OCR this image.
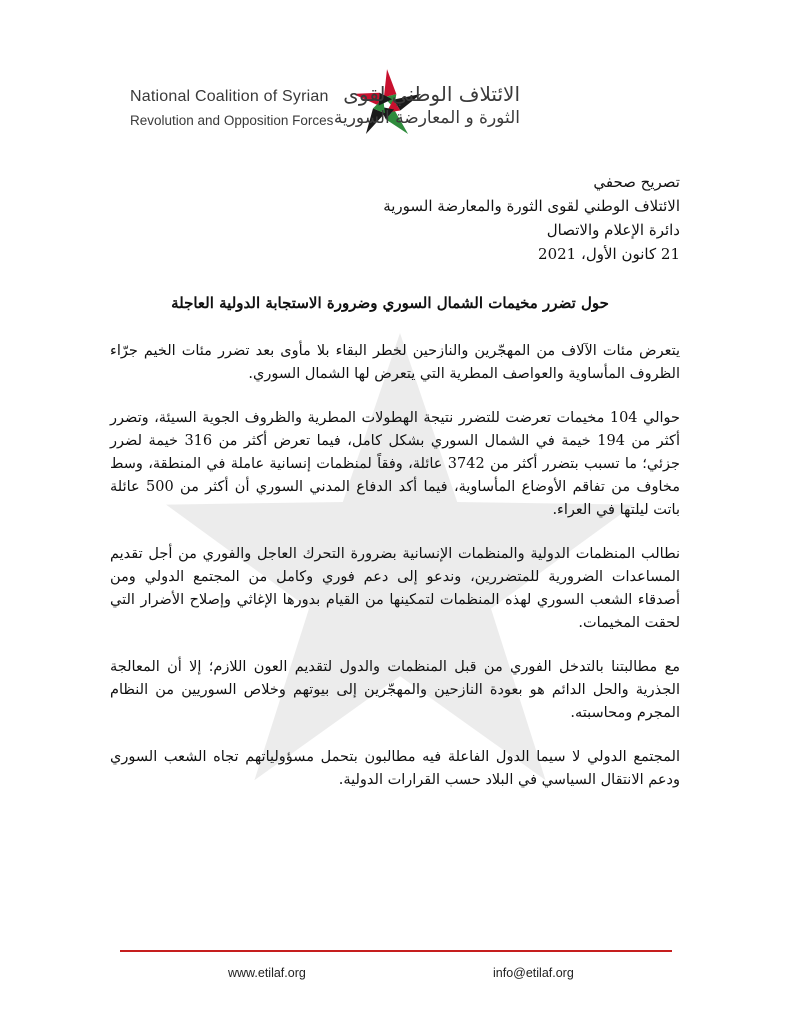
National Coalition of Syrian
Revolution and Opposition Forces
الائتلاف الوطني لقوى
الثورة و المعارضة السورية
تصريح صحفي
الائتلاف الوطني لقوى الثورة والمعارضة السورية
دائرة الإعلام والاتصال
21 كانون الأول، 2021
حول تضرر مخيمات الشمال السوري وضرورة الاستجابة الدولية العاجلة

يتعرض مئات الآلاف من المهجّرين والنازحين لخطر البقاء بلا مأوى بعد تضرر مئات الخيم جرّاء الظروف المأساوية والعواصف المطرية التي يتعرض لها الشمال السوري.

حوالي 104 مخيمات تعرضت للتضرر نتيجة الهطولات المطرية والظروف الجوية السيئة، وتضرر أكثر من 194 خيمة في الشمال السوري بشكل كامل، فيما تعرض أكثر من 316 خيمة لضرر جزئي؛ ما تسبب بتضرر أكثر من 3742 عائلة، وفقاً لمنظمات إنسانية عاملة في المنطقة، وسط مخاوف من تفاقم الأوضاع المأساوية، فيما أكد الدفاع المدني السوري أن أكثر من 500 عائلة باتت ليلتها في العراء.

نطالب المنظمات الدولية والمنظمات الإنسانية بضرورة التحرك العاجل والفوري من أجل تقديم المساعدات الضرورية للمتضررين، وندعو إلى دعم فوري وكامل من المجتمع الدولي ومن أصدقاء الشعب السوري لهذه المنظمات لتمكينها من القيام بدورها الإغاثي وإصلاح الأضرار التي لحقت المخيمات.

مع مطالبتنا بالتدخل الفوري من قبل المنظمات والدول لتقديم العون اللازم؛ إلا أن المعالجة الجذرية والحل الدائم هو بعودة النازحين والمهجّرين إلى بيوتهم وخلاص السوريين من النظام المجرم ومحاسبته.

المجتمع الدولي لا سيما الدول الفاعلة فيه مطالبون بتحمل مسؤولياتهم تجاه الشعب السوري ودعم الانتقال السياسي في البلاد حسب القرارات الدولية.

www.etilaf.org	info@etilaf.org
